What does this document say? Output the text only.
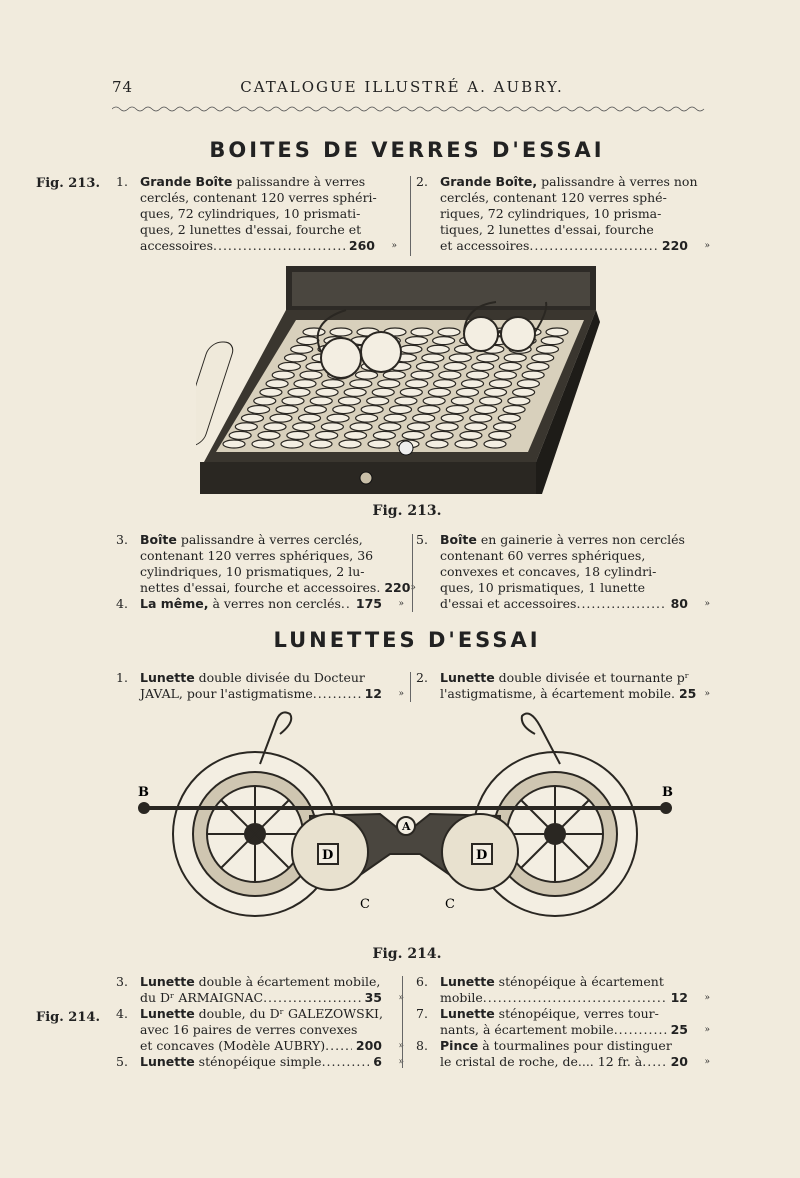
74	CATALOGUE ILLUSTRÉ A. AUBRY.
BOITES DE VERRES D'ESSAI
Fig. 213. 1. Grande Boîte palissandre à verres
cerclés, contenant 120 verres sphéri-
ques, 72 cylindriques, 10 prismati-
ques, 2 lunettes d'essai, fourche et
accessoires .....	260	»
2. Grande Boîte, palissandre à verres non
cerclés, contenant 120 verres sphé-
riques, 72 cylindriques, 10 prisma-
tiques, 2 lunettes d'essai, fourche
et accessoires .....	220	»
Fig. 213.
3. Boîte palissandre à verres cerclés,
contenant 120 verres sphériques, 36
cylindriques, 10 prismatiques, 2 lu-
nettes d'essai, fourche et accessoires. 220 »
4. La même, à verres non cerclés .....	175	»
5. Boîte en gainerie à verres non cerclés
contenant 60 verres sphériques,
convexes et concaves, 18 cylindri-
ques, 10 prismatiques, 1 lunette
d'essai et accessoires .....	80	»
LUNETTES D'ESSAI
1. Lunette double divisée du Docteur
JAVAL, pour l'astigmatisme .....	12	»
2. Lunette double divisée et tournante pʳ
l'astigmatisme, à écartement mobile. 25 »
B	B
A
D	D
C	C
Fig. 214.
Fig. 214.
3. Lunette double à écartement mobile,
du Dʳ ARMAIGNAC .....	35	»
4. Lunette double, du Dʳ GALEZOWSKI,
avec 16 paires de verres convexes
et concaves (Modèle AUBRY) .....	200	»
5. Lunette sténopéique simple .....	6	»
6. Lunette sténopéique à écartement
mobile .....	12	»
7. Lunette sténopéique, verres tour-
nants, à écartement mobile .....	25	»
8. Pince à tourmalines pour distinguer
le cristal de roche, de.... 12 fr. à .....	20	»
